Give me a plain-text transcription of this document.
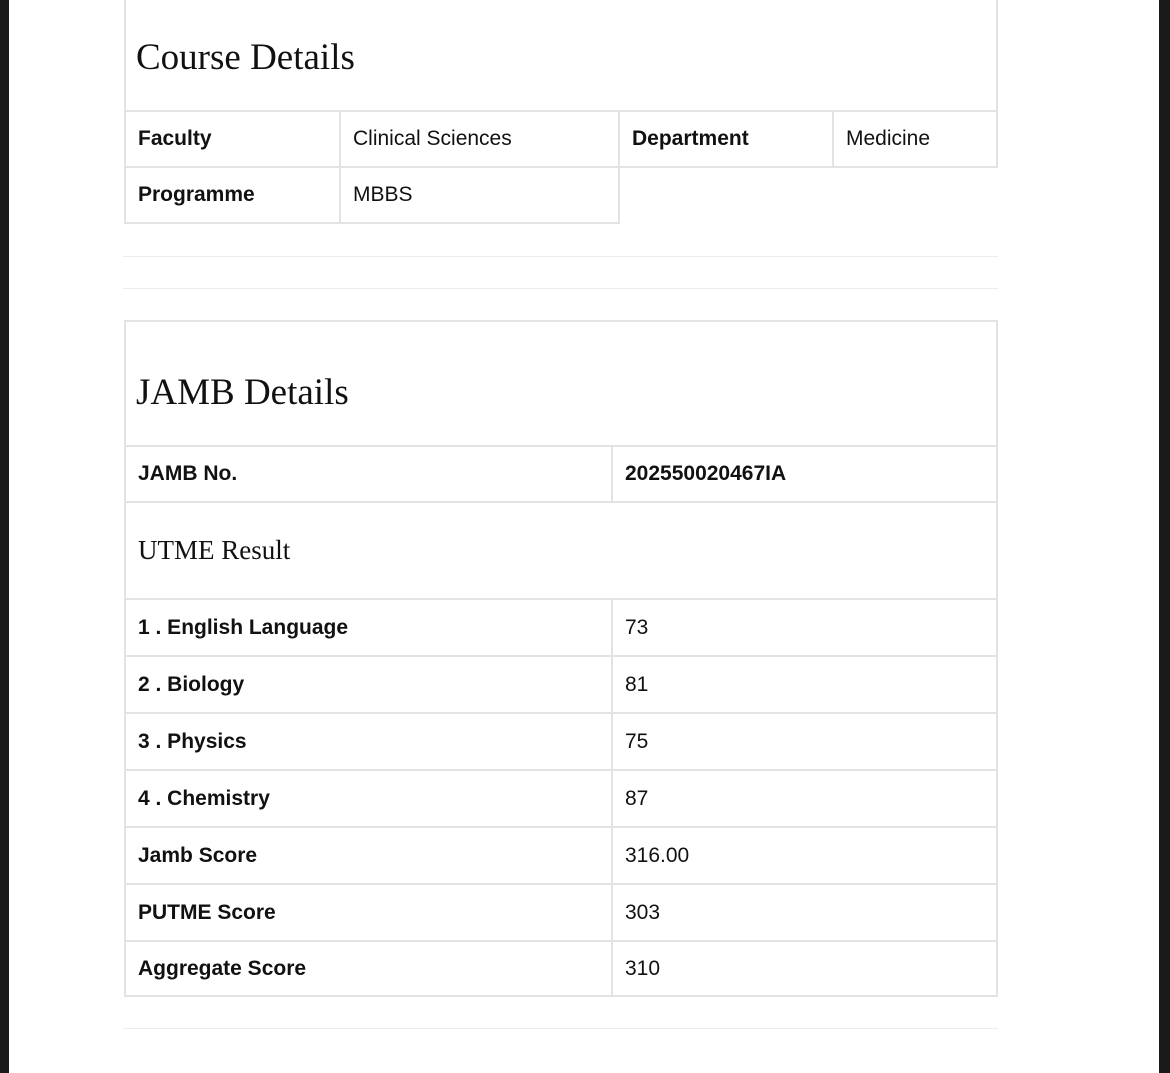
Course Details
Faculty	Clinical Sciences	Department	Medicine
Programme	MBBS
JAMB Details
JAMB No.	202550020467IA
UTME Result
1 . English Language	73
2 . Biology	81
3 . Physics	75
4 . Chemistry	87
Jamb Score	316.00
PUTME Score	303
Aggregate Score	310
